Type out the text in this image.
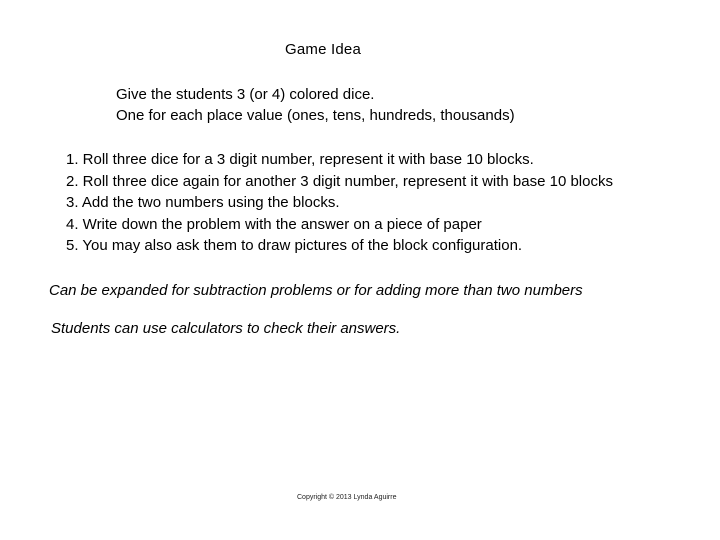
Game Idea
Give the students 3 (or 4) colored dice.
One for each place value (ones, tens, hundreds, thousands)
1. Roll three dice for a 3 digit number, represent it with base 10 blocks.
2. Roll three dice again for another 3 digit number, represent it with base 10 blocks
3. Add the two numbers using the blocks.
4. Write down the problem with the answer on a piece of paper
5. You may also ask them to draw pictures of the block configuration.
Can be expanded for subtraction problems or for adding more than two numbers
Students can use calculators to check their answers.
Copyright © 2013 Lynda Aguirre
